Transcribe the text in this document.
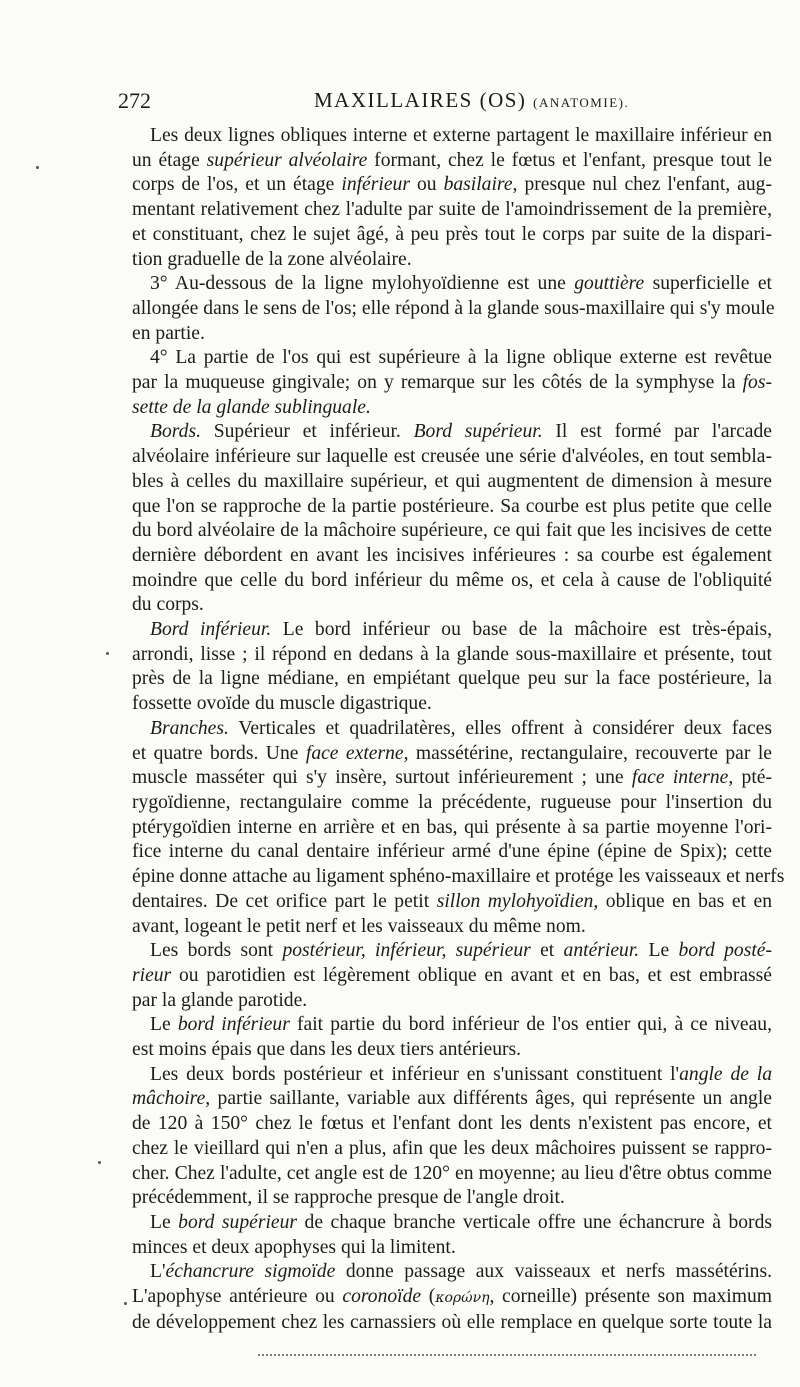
272	MAXILLAIRES (OS) (ANATOMIE).

Les deux lignes obliques interne et externe partagent le maxillaire inférieur en
un étage supérieur alvéolaire formant, chez le fœtus et l'enfant, presque tout le
corps de l'os, et un étage inférieur ou basilaire, presque nul chez l'enfant, aug-
mentant relativement chez l'adulte par suite de l'amoindrissement de la première,
et constituant, chez le sujet âgé, à peu près tout le corps par suite de la dispari-
tion graduelle de la zone alvéolaire.

3° Au-dessous de la ligne mylohyoïdienne est une gouttière superficielle et
allongée dans le sens de l'os; elle répond à la glande sous-maxillaire qui s'y moule
en partie.

4° La partie de l'os qui est supérieure à la ligne oblique externe est revêtue
par la muqueuse gingivale; on y remarque sur les côtés de la symphyse la fos-
sette de la glande sublinguale.

Bords. Supérieur et inférieur. Bord supérieur. Il est formé par l'arcade
alvéolaire inférieure sur laquelle est creusée une série d'alvéoles, en tout sembla-
bles à celles du maxillaire supérieur, et qui augmentent de dimension à mesure
que l'on se rapproche de la partie postérieure. Sa courbe est plus petite que celle
du bord alvéolaire de la mâchoire supérieure, ce qui fait que les incisives de cette
dernière débordent en avant les incisives inférieures : sa courbe est également
moindre que celle du bord inférieur du même os, et cela à cause de l'obliquité
du corps.

Bord inférieur. Le bord inférieur ou base de la mâchoire est très-épais,
arrondi, lisse ; il répond en dedans à la glande sous-maxillaire et présente, tout
près de la ligne médiane, en empiétant quelque peu sur la face postérieure, la
fossette ovoïde du muscle digastrique.

Branches. Verticales et quadrilatères, elles offrent à considérer deux faces
et quatre bords. Une face externe, massétérine, rectangulaire, recouverte par le
muscle masséter qui s'y insère, surtout inférieurement ; une face interne, pté-
rygoïdienne, rectangulaire comme la précédente, rugueuse pour l'insertion du
ptérygoïdien interne en arrière et en bas, qui présente à sa partie moyenne l'ori-
fice interne du canal dentaire inférieur armé d'une épine (épine de Spix); cette
épine donne attache au ligament sphéno-maxillaire et protége les vaisseaux et nerfs
dentaires. De cet orifice part le petit sillon mylohyoïdien, oblique en bas et en
avant, logeant le petit nerf et les vaisseaux du même nom.

Les bords sont postérieur, inférieur, supérieur et antérieur. Le bord posté-
rieur ou parotidien est légèrement oblique en avant et en bas, et est embrassé
par la glande parotide.

Le bord inférieur fait partie du bord inférieur de l'os entier qui, à ce niveau,
est moins épais que dans les deux tiers antérieurs.

Les deux bords postérieur et inférieur en s'unissant constituent l'angle de la
mâchoire, partie saillante, variable aux différents âges, qui représente un angle
de 120 à 150° chez le fœtus et l'enfant dont les dents n'existent pas encore, et
chez le vieillard qui n'en a plus, afin que les deux mâchoires puissent se rappro-
cher. Chez l'adulte, cet angle est de 120° en moyenne; au lieu d'être obtus comme
précédemment, il se rapproche presque de l'angle droit.

Le bord supérieur de chaque branche verticale offre une échancrure à bords
minces et deux apophyses qui la limitent.

L'échancrure sigmoïde donne passage aux vaisseaux et nerfs massétérins.
L'apophyse antérieure ou coronoïde (κορώνη, corneille) présente son maximum
de développement chez les carnassiers où elle remplace en quelque sorte toute la
